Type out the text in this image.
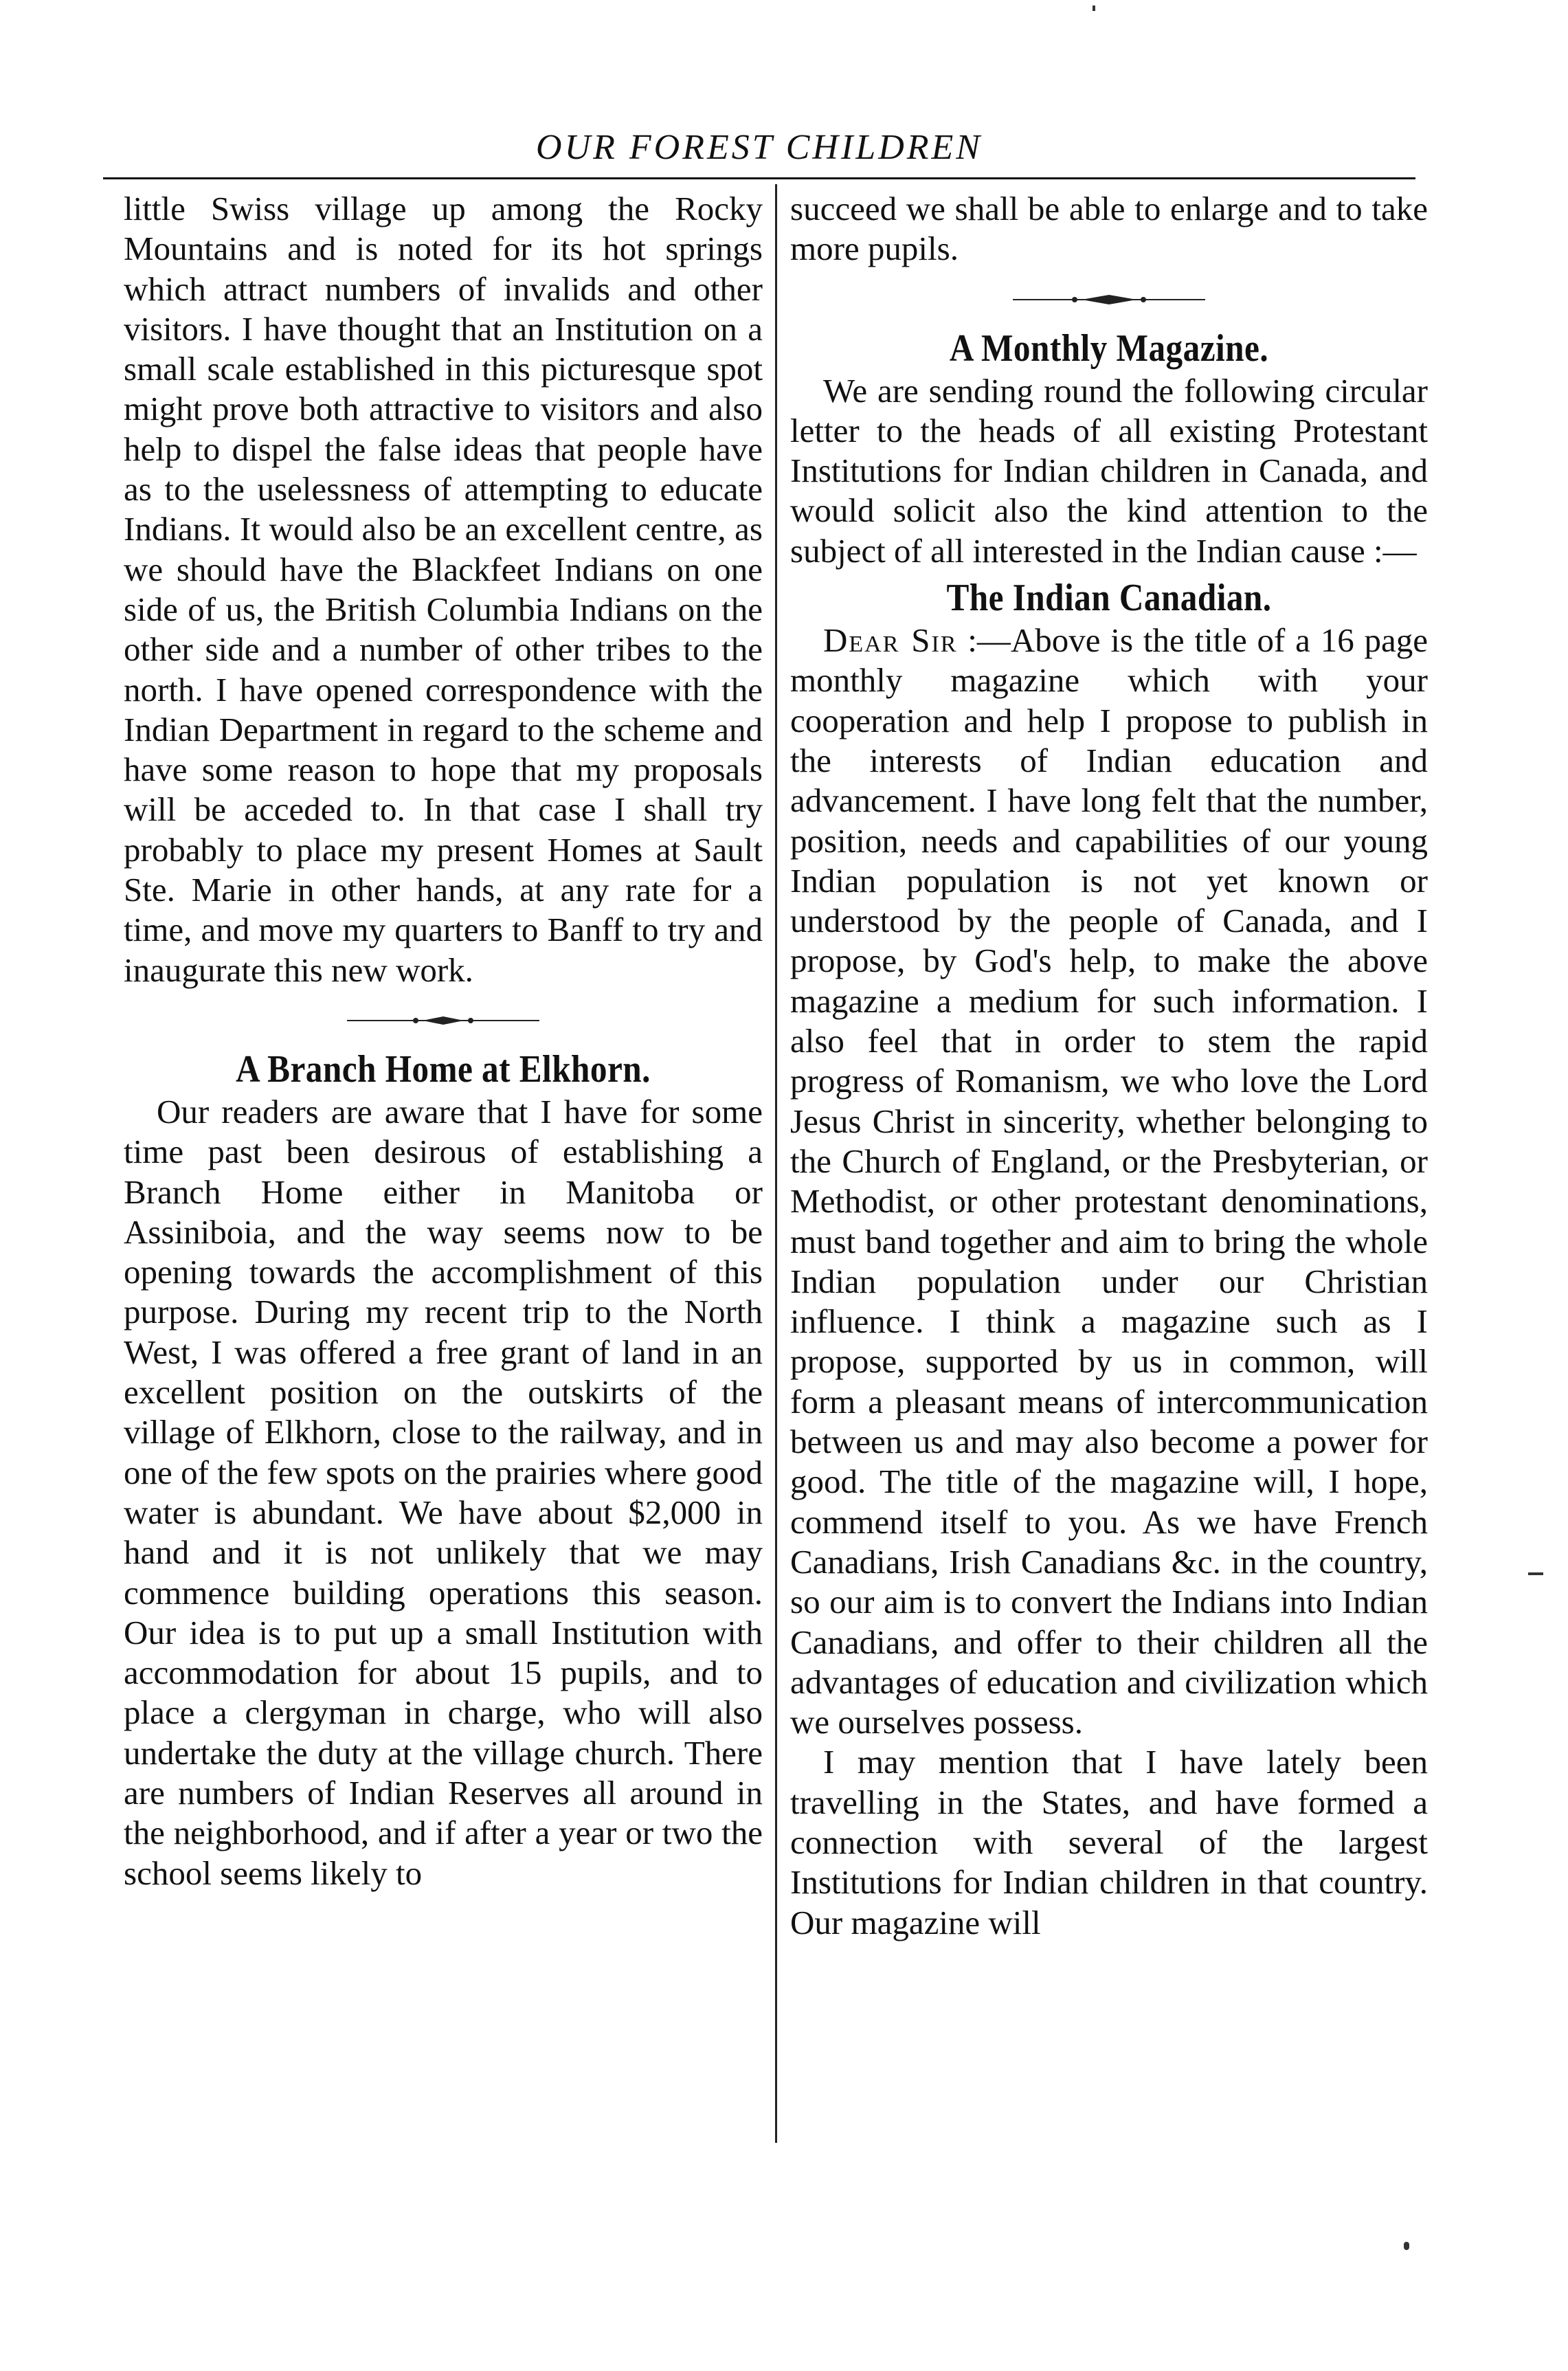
OUR FOREST CHILDREN

little Swiss village up among the Rocky Mountains and is noted for its hot springs which attract numbers of invalids and other visitors. I have thought that an Institution on a small scale established in this picturesque spot might prove both attractive to visitors and also help to dispel the false ideas that people have as to the uselessness of attempting to educate Indians. It would also be an excellent centre, as we should have the Blackfeet Indians on one side of us, the British Columbia Indians on the other side and a number of other tribes to the north. I have opened correspondence with the Indian Department in regard to the scheme and have some reason to hope that my proposals will be acceded to. In that case I shall try probably to place my present Homes at Sault Ste. Marie in other hands, at any rate for a time, and move my quarters to Banff to try and inaugurate this new work.

A Branch Home at Elkhorn.

Our readers are aware that I have for some time past been desirous of establishing a Branch Home either in Manitoba or Assiniboia, and the way seems now to be opening towards the accomplishment of this purpose. During my recent trip to the North West, I was offered a free grant of land in an excellent position on the outskirts of the village of Elkhorn, close to the railway, and in one of the few spots on the prairies where good water is abundant. We have about $2,000 in hand and it is not unlikely that we may commence building operations this season. Our idea is to put up a small Institution with accommodation for about 15 pupils, and to place a clergyman in charge, who will also undertake the duty at the village church. There are numbers of Indian Reserves all around in the neighborhood, and if after a year or two the school seems likely to

succeed we shall be able to enlarge and to take more pupils.

A Monthly Magazine.

We are sending round the following circular letter to the heads of all existing Protestant Institutions for Indian children in Canada, and would solicit also the kind attention to the subject of all interested in the Indian cause :—

The Indian Canadian.

Dear Sir :—Above is the title of a 16 page monthly magazine which with your cooperation and help I propose to publish in the interests of Indian education and advancement. I have long felt that the number, position, needs and capabilities of our young Indian population is not yet known or understood by the people of Canada, and I propose, by God's help, to make the above magazine a medium for such information. I also feel that in order to stem the rapid progress of Romanism, we who love the Lord Jesus Christ in sincerity, whether belonging to the Church of England, or the Presbyterian, or Methodist, or other protestant denominations, must band together and aim to bring the whole Indian population under our Christian influence. I think a magazine such as I propose, supported by us in common, will form a pleasant means of intercommunication between us and may also become a power for good. The title of the magazine will, I hope, commend itself to you. As we have French Canadians, Irish Canadians &c. in the country, so our aim is to convert the Indians into Indian Canadians, and offer to their children all the advantages of education and civilization which we ourselves possess.

I may mention that I have lately been travelling in the States, and have formed a connection with several of the largest Institutions for Indian children in that country. Our magazine will
